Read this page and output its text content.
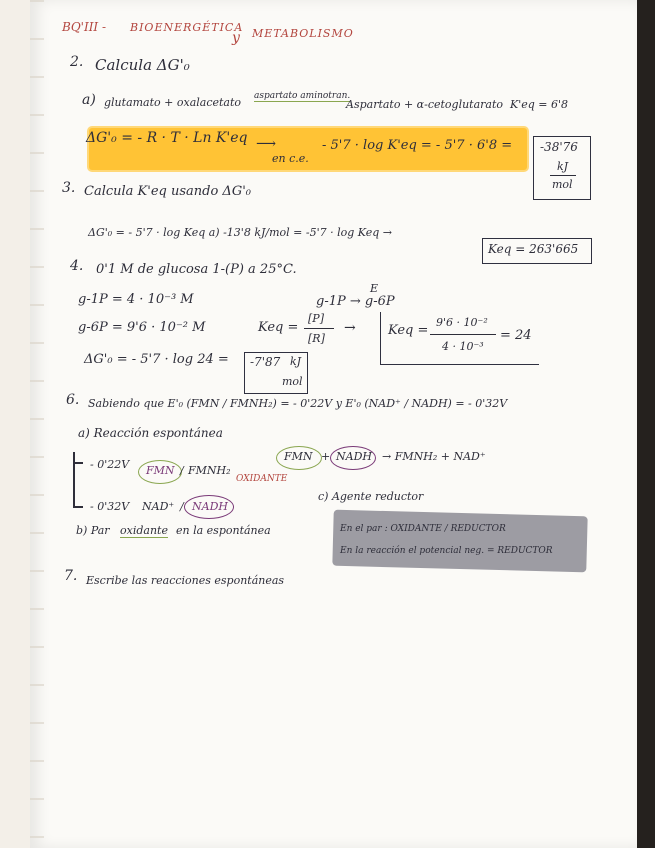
BQ'III - BIOENERGÉTICA
y METABOLISMO
2. Calcula ΔG'₀
a) glutamato + oxalacetato aspartato aminotran.
Aspartato + α-cetoglutarato K'eq = 6'8
ΔG'₀ = - R · T · Ln K'eq ⟶
en c.e.
- 5'7 · log K'eq = - 5'7 · 6'8 = -38'76
kJ
mol
3. Calcula K'eq usando ΔG'₀
ΔG'₀ = - 5'7 · log Keq a) -13'8 kJ/mol = -5'7 · log Keq →
Keq = 263'665
4. 0'1 M de glucosa 1-(P) a 25°C.
g-1P = 4 · 10⁻³ M
g-6P = 9'6 · 10⁻² M
g-1P → g-6P
E
Keq =
[P]
[R]
→ Keq =
9'6 · 10⁻²
4 · 10⁻³
= 24
ΔG'₀ = - 5'7 · log 24 = -7'87 kJ
mol
6. Sabiendo que E'₀ (FMN / FMNH₂) = - 0'22V y E'₀ (NAD⁺ / NADH) = - 0'32V
a) Reacción espontánea
- 0'22V FMN / FMNH₂
OXIDANTE
- 0'32V NAD⁺ / NADH
FMN + NADH → FMNH₂ + NAD⁺
b) Par oxidante en la espontánea
c) Agente reductor
En el par : OXIDANTE / REDUCTOR
En la reacción el potencial neg. = REDUCTOR
7. Escribe las reacciones espontáneas
